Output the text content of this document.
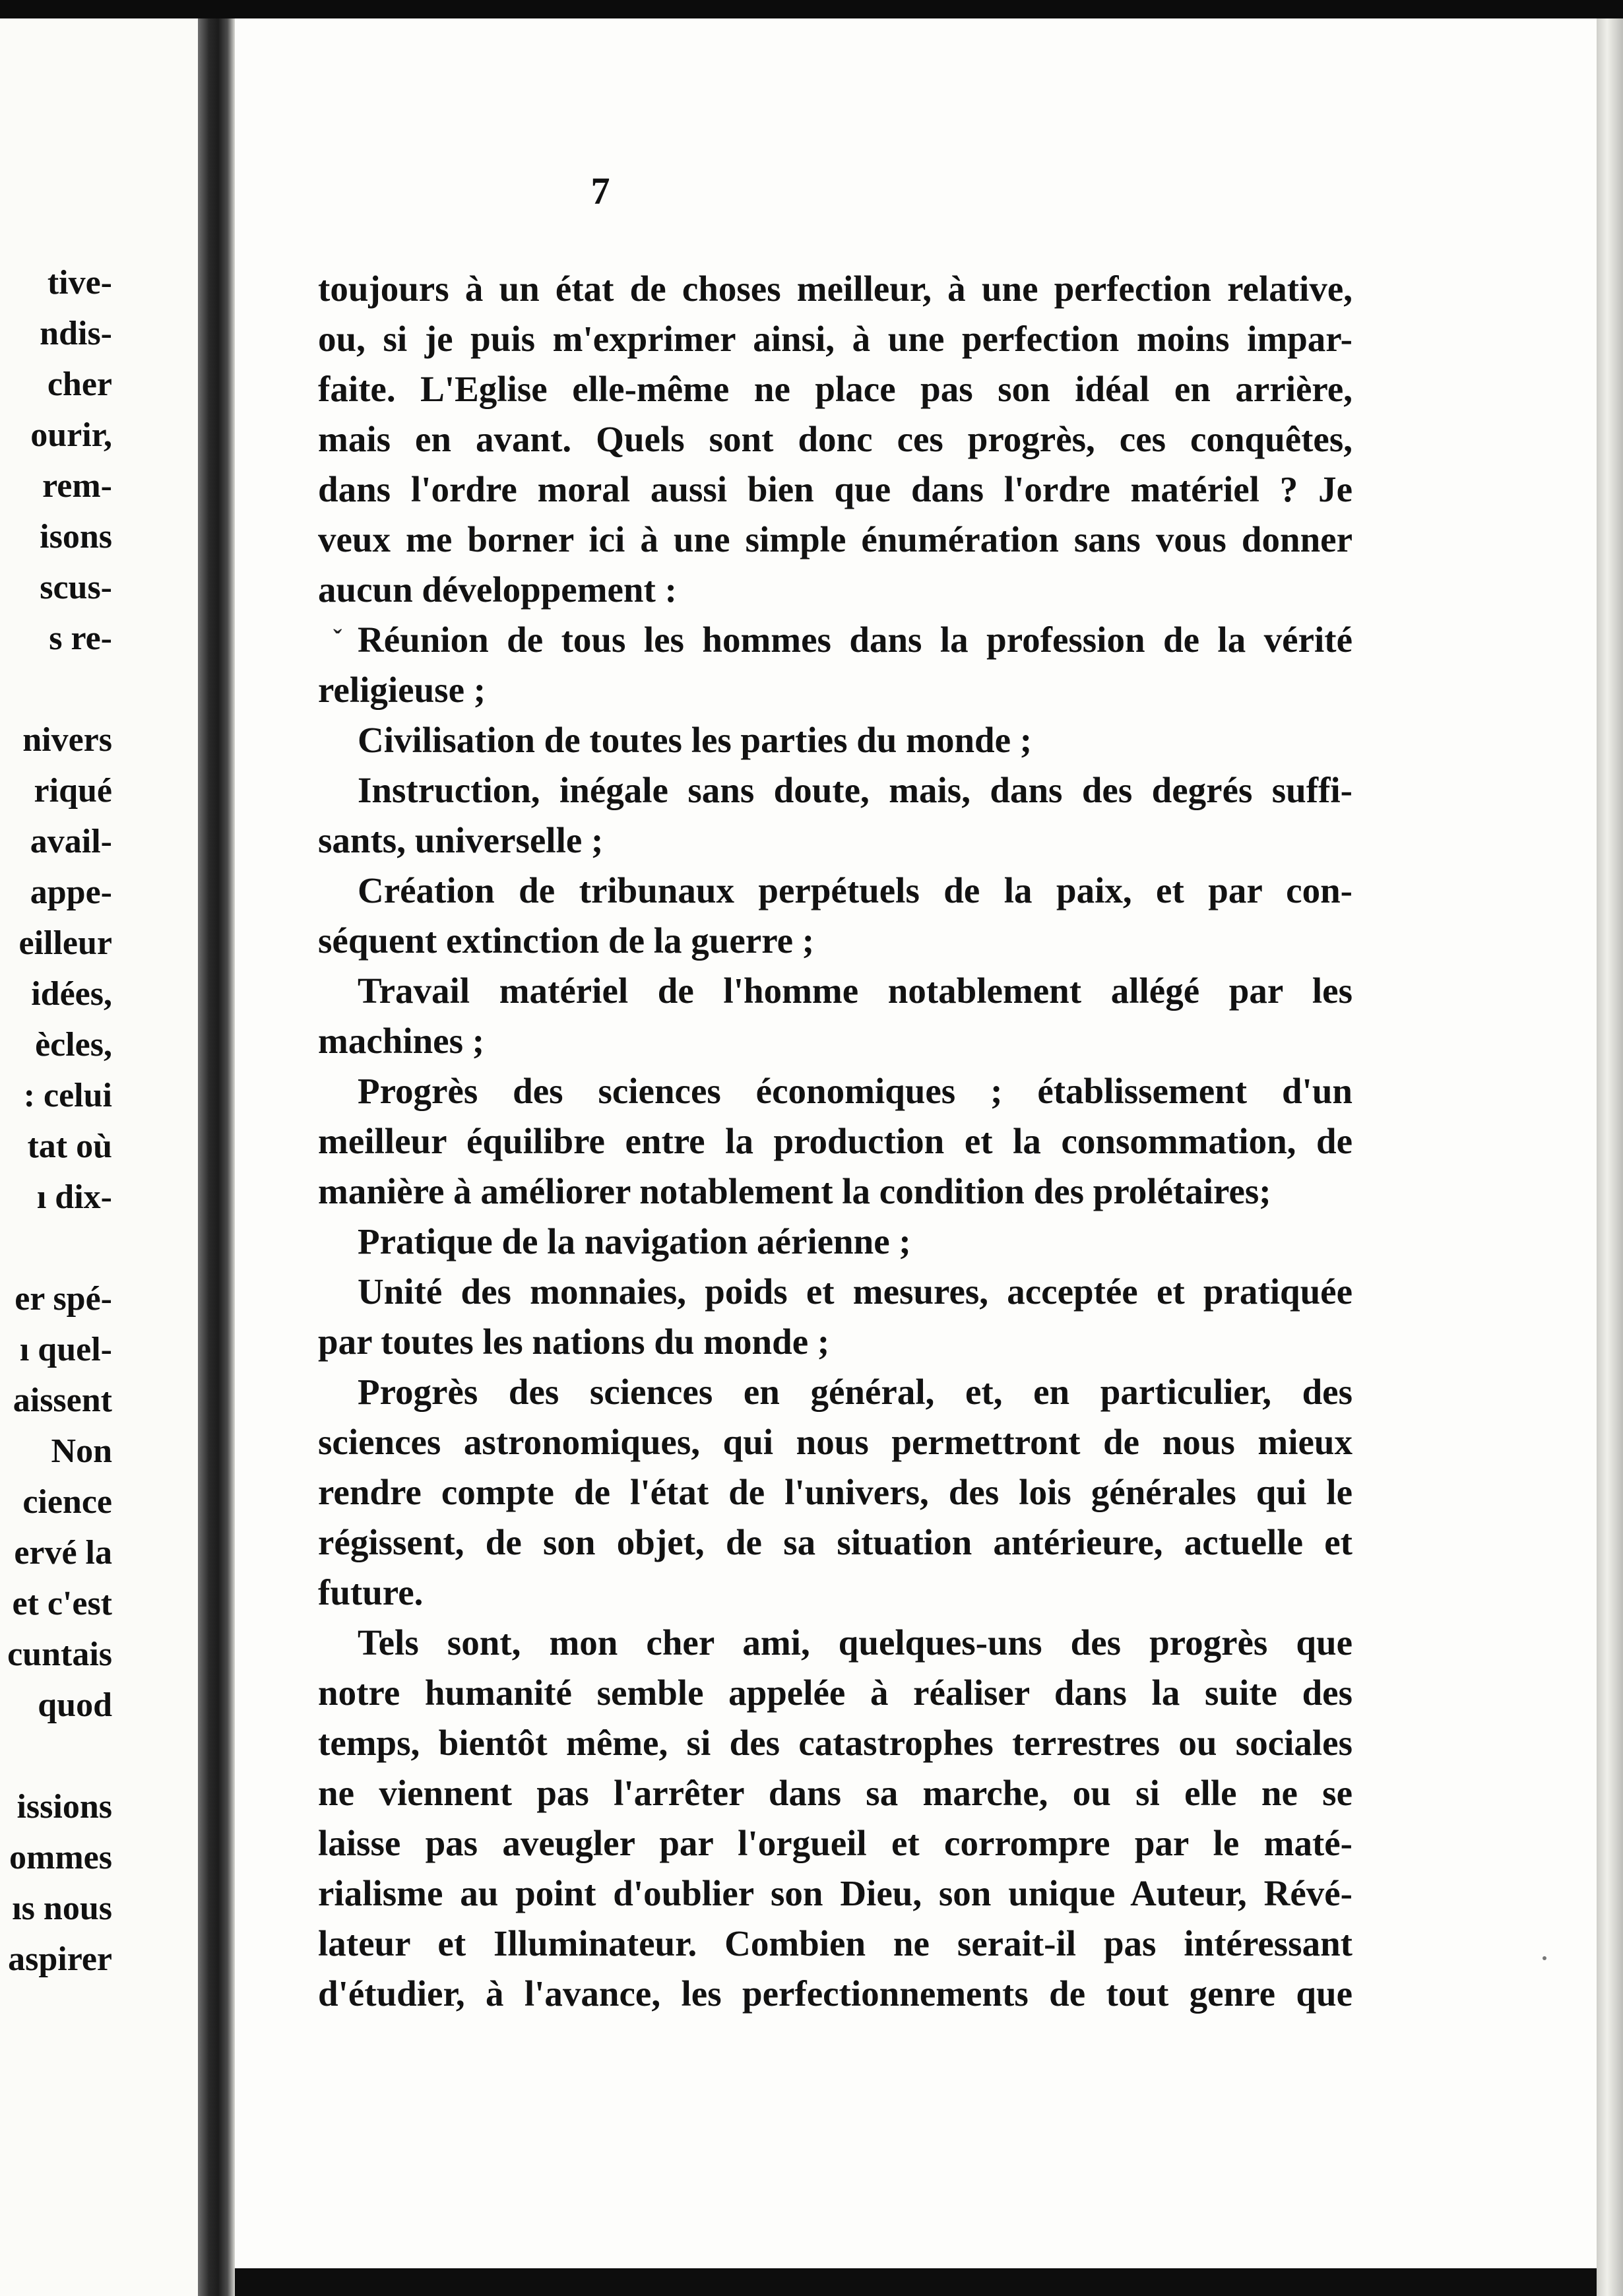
tive-
ndis-
cher
ourir,
rem-
isons
scus-
s re-
nivers
riqué
avail-
appe-
eilleur
idées,
ècles,
: celui
tat où
ı dix-
er spé-
ı quel-
aissent
Non
cience
ervé la
et c'est
cuntais
quod
issions
ommes
ıs nous
aspirer
7
ˇ
toujours à un état de choses meilleur, à une perfection relative,
ou, si je puis m'exprimer ainsi, à une perfection moins impar-
faite. L'Eglise elle-même ne place pas son idéal en arrière,
mais en avant. Quels sont donc ces progrès, ces conquêtes,
dans l'ordre moral aussi bien que dans l'ordre matériel ? Je
veux me borner ici à une simple énumération sans vous donner
aucun développement :
Réunion de tous les hommes dans la profession de la vérité
religieuse ;
Civilisation de toutes les parties du monde ;
Instruction, inégale sans doute, mais, dans des degrés suffi-
sants, universelle ;
Création de tribunaux perpétuels de la paix, et par con-
séquent extinction de la guerre ;
Travail matériel de l'homme notablement allégé par les
machines ;
Progrès des sciences économiques ; établissement d'un
meilleur équilibre entre la production et la consommation, de
manière à améliorer notablement la condition des prolétaires;
Pratique de la navigation aérienne ;
Unité des monnaies, poids et mesures, acceptée et pratiquée
par toutes les nations du monde ;
Progrès des sciences en général, et, en particulier, des
sciences astronomiques, qui nous permettront de nous mieux
rendre compte de l'état de l'univers, des lois générales qui le
régissent, de son objet, de sa situation antérieure, actuelle et
future.
Tels sont, mon cher ami, quelques-uns des progrès que
notre humanité semble appelée à réaliser dans la suite des
temps, bientôt même, si des catastrophes terrestres ou sociales
ne viennent pas l'arrêter dans sa marche, ou si elle ne se
laisse pas aveugler par l'orgueil et corrompre par le maté-
rialisme au point d'oublier son Dieu, son unique Auteur, Révé-
lateur et Illuminateur. Combien ne serait-il pas intéressant
d'étudier, à l'avance, les perfectionnements de tout genre que
